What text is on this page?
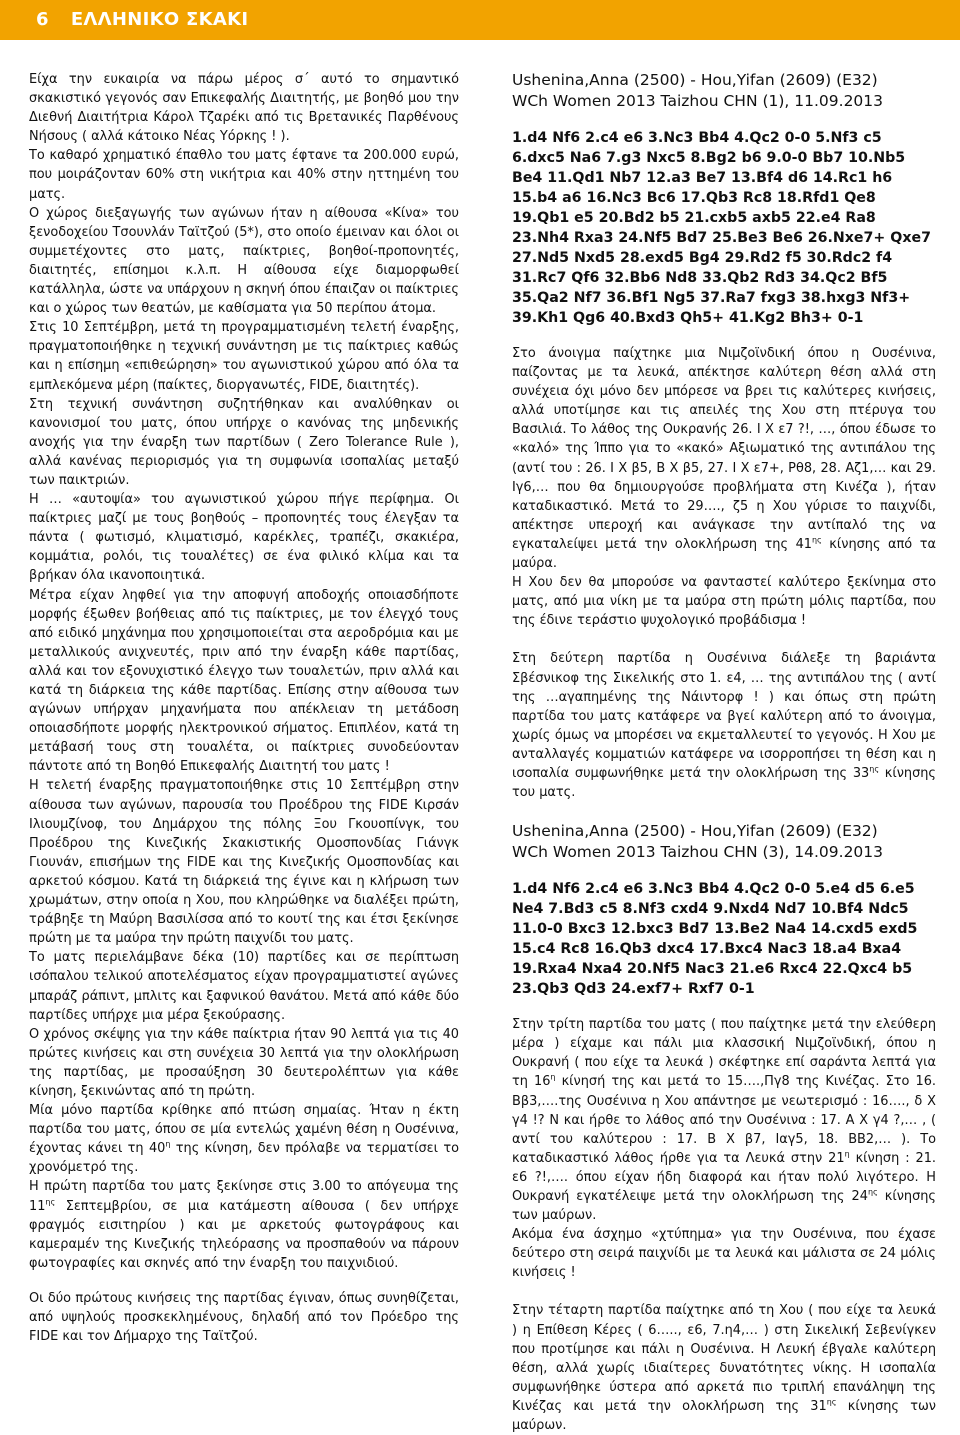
6 ΕΛΛΗΝΙΚΟ ΣΚΑΚΙ

Είχα την ευκαιρία να πάρω μέρος σ΄ αυτό το σημαντικό σκακιστικό γεγονός σαν Επικεφαλής Διαιτητής, με βοηθό μου την Διεθνή Διαιτήτρια Κάρολ Τζαρέκι από τις Βρετανικές Παρθένους Νήσους ( αλλά κάτοικο Νέας Υόρκης ! ).

Το καθαρό χρηματικό έπαθλο του ματς έφτανε τα 200.000 ευρώ, που μοιράζονταν 60% στη νικήτρια και 40% στην ηττημένη του ματς.

Ο χώρος διεξαγωγής των αγώνων ήταν η αίθουσα «Κίνα» του ξενοδοχείου Τσουνλάν Ταϊτζού (5*), στο οποίο έμειναν και όλοι οι συμμετέχοντες στο ματς, παίκτριες, βοηθοί-προπονητές, διαιτητές, επίσημοι κ.λ.π. Η αίθουσα είχε διαμορφωθεί κατάλληλα, ώστε να υπάρχουν η σκηνή όπου έπαιζαν οι παίκτριες και ο χώρος των θεατών, με καθίσματα για 50 περίπου άτομα.

Στις 10 Σεπτέμβρη, μετά τη προγραμματισμένη τελετή έναρξης, πραγματοποιήθηκε η τεχνική συνάντηση με τις παίκτριες καθώς και η επίσημη «επιθεώρηση» του αγωνιστικού χώρου από όλα τα εμπλεκόμενα μέρη (παίκτες, διοργανωτές, FIDE, διαιτητές).

Στη τεχνική συνάντηση συζητήθηκαν και αναλύθηκαν οι κανονισμοί του ματς, όπου υπήρχε ο κανόνας της μηδενικής ανοχής για την έναρξη των παρτίδων ( Zero Tolerance Rule ), αλλά κανένας περιορισμός για τη συμφωνία ισοπαλίας μεταξύ των παικτριών.

Η … «αυτοψία» του αγωνιστικού χώρου πήγε περίφημα. Οι παίκτριες μαζί με τους βοηθούς – προπονητές τους έλεγξαν τα πάντα ( φωτισμό, κλιματισμό, καρέκλες, τραπέζι, σκακιέρα, κομμάτια, ρολόι, τις τουαλέτες) σε ένα φιλικό κλίμα και τα βρήκαν όλα ικανοποιητικά.

Μέτρα είχαν ληφθεί για την αποφυγή αποδοχής οποιασδήποτε μορφής έξωθεν βοήθειας από τις παίκτριες, με τον έλεγχό τους από ειδικό μηχάνημα που χρησιμοποιείται στα αεροδρόμια και με μεταλλικούς ανιχνευτές, πριν από την έναρξη κάθε παρτίδας, αλλά και τον εξονυχιστικό έλεγχο των τουαλετών, πριν αλλά και κατά τη διάρκεια της κάθε παρτίδας. Επίσης στην αίθουσα των αγώνων υπήρχαν μηχανήματα που απέκλειαν τη μετάδοση οποιασδήποτε μορφής ηλεκτρονικού σήματος. Επιπλέον, κατά τη μετάβασή τους στη τουαλέτα, οι παίκτριες συνοδεύονταν πάντοτε από τη Βοηθό Επικεφαλής Διαιτητή του ματς !

Η τελετή έναρξης πραγματοποιήθηκε στις 10 Σεπτέμβρη στην αίθουσα των αγώνων, παρουσία του Προέδρου της FIDE Κιρσάν Ιλιουμζίνοφ, του Δημάρχου της πόλης Ξου Γκουοπίνγκ, του Προέδρου της Κινεζικής Σκακιστικής Ομοσπονδίας Γιάνγκ Γιουνάν, επισήμων της FIDE και της Κινεζικής Ομοσπονδίας και αρκετού κόσμου. Κατά τη διάρκειά της έγινε και η κλήρωση των χρωμάτων, στην οποία η Χου, που κληρώθηκε να διαλέξει πρώτη, τράβηξε τη Μαύρη Βασιλίσσα από το κουτί της και έτσι ξεκίνησε πρώτη με τα μαύρα την πρώτη παιχνίδι του ματς.

Το ματς περιελάμβανε δέκα (10) παρτίδες και σε περίπτωση ισόπαλου τελικού αποτελέσματος είχαν προγραμματιστεί αγώνες μπαράζ ράπιντ, μπλιτς και ξαφνικού θανάτου. Μετά από κάθε δύο παρτίδες υπήρχε μια μέρα ξεκούρασης.

Ο χρόνος σκέψης για την κάθε παίκτρια ήταν 90 λεπτά για τις 40 πρώτες κινήσεις και στη συνέχεια 30 λεπτά για την ολοκλήρωση της παρτίδας, με προσαύξηση 30 δευτερολέπτων για κάθε κίνηση, ξεκινώντας από τη πρώτη.

Μία μόνο παρτίδα κρίθηκε από πτώση σημαίας. Ήταν η έκτη παρτίδα του ματς, όπου σε μία εντελώς χαμένη θέση η Ουσένινα, έχοντας κάνει τη $40^\eta$ της κίνηση, δεν πρόλαβε να τερματίσει το χρονόμετρό της.

Η πρώτη παρτίδα του ματς ξεκίνησε στις 3.00 το απόγευμα της $11^{\eta\varsigma}$ Σεπτεμβρίου, σε μια κατάμεστη αίθουσα ( δεν υπήρχε φραγμός εισιτηρίου ) και με αρκετούς φωτογράφους και καμεραμέν της Κινεζικής τηλεόρασης να προσπαθούν να πάρουν φωτογραφίες και σκηνές από την έναρξη του παιχνιδιού.

Οι δύο πρώτους κινήσεις της παρτίδας έγιναν, όπως συνηθίζεται, από υψηλούς προσκεκλημένους, δηλαδή από τον Πρόεδρο της FIDE και τον Δήμαρχο της Ταϊτζού.

Ushenina,Anna (2500) - Hou,Yifan (2609) (E32)

WCh Women 2013 Taizhou CHN (1), 11.09.2013

1.d4 Nf6 2.c4 e6 3.Nc3 Bb4 4.Qc2 0-0 5.Nf3 c5 6.dxc5 Na6 7.g3 Nxc5 8.Bg2 b6 9.0-0 Bb7 10.Nb5 Be4 11.Qd1 Nb7 12.a3 Be7 13.Bf4 d6 14.Rc1 h6 15.b4 a6 16.Nc3 Bc6 17.Qb3 Rc8 18.Rfd1 Qe8 19.Qb1 e5 20.Bd2 b5 21.cxb5 axb5 22.e4 Ra8 23.Nh4 Rxa3 24.Nf5 Bd7 25.Be3 Be6 26.Nxe7+ Qxe7 27.Nd5 Nxd5 28.exd5 Bg4 29.Rd2 f5 30.Rdc2 f4 31.Rc7 Qf6 32.Bb6 Nd8 33.Qb2 Rd3 34.Qc2 Bf5 35.Qa2 Nf7 36.Bf1 Ng5 37.Ra7 fxg3 38.hxg3 Nf3+ 39.Kh1 Qg6 40.Bxd3 Qh5+ 41.Kg2 Bh3+ 0-1

Στο άνοιγμα παίχτηκε μια Νιμζοϊνδική όπου η Ουσένινα, παίζοντας με τα λευκά, απέκτησε καλύτερη θέση αλλά στη συνέχεια όχι μόνο δεν μπόρεσε να βρει τις καλύτερες κινήσεις, αλλά υποτίμησε και τις απειλές της Χου στη πτέρυγα του Βασιλιά. Το λάθος της Ουκρανής 26. Ι Χ ε7 ?!, …, όπου έδωσε το «καλό» της Ίππο για το «κακό» Αξιωματικό της αντιπάλου της (αντί του : 26. Ι Χ β5, Β Χ β5, 27. Ι Χ ε7+, Ρθ8, 28. Αζ1,… και 29. Ιγ6,… που θα δημιουργούσε προβλήματα στη Κινέζα ), ήταν καταδικαστικό. Μετά το 29…., ζ5 η Χου γύρισε το παιχνίδι, απέκτησε υπεροχή και ανάγκασε την αντίπαλό της να εγκαταλείψει μετά την ολοκλήρωση της $41^{\eta\varsigma}$ κίνησης από τα μαύρα.

Η Χου δεν θα μπορούσε να φανταστεί καλύτερο ξεκίνημα στο ματς, από μια νίκη με τα μαύρα στη πρώτη μόλις παρτίδα, που της έδινε τεράστιο ψυχολογικό προβάδισμα !

Στη δεύτερη παρτίδα η Ουσένινα διάλεξε τη βαριάντα Σβέσνικοφ της Σικελικής στο 1. ε4, … της αντιπάλου της ( αντί της …αγαπημένης της Νάιντορφ ! ) και όπως στη πρώτη παρτίδα του ματς κατάφερε να βγεί καλύτερη από το άνοιγμα, χωρίς όμως να μπορέσει να εκμεταλλευτεί το γεγονός. Η Χου με ανταλλαγές κομματιών κατάφερε να ισορροπήσει τη θέση και η ισοπαλία συμφωνήθηκε μετά την ολοκλήρωση της $33^{\eta\varsigma}$ κίνησης του ματς.

Ushenina,Anna (2500) - Hou,Yifan (2609) (E32)

WCh Women 2013 Taizhou CHN (3), 14.09.2013

1.d4 Nf6 2.c4 e6 3.Nc3 Bb4 4.Qc2 0-0 5.e4 d5 6.e5 Ne4 7.Bd3 c5 8.Nf3 cxd4 9.Nxd4 Nd7 10.Bf4 Ndc5 11.0-0 Bxc3 12.bxc3 Bd7 13.Be2 Na4 14.cxd5 exd5 15.c4 Rc8 16.Qb3 dxc4 17.Bxc4 Nac3 18.a4 Bxa4 19.Rxa4 Nxa4 20.Nf5 Nac3 21.e6 Rxc4 22.Qxc4 b5 23.Qb3 Qd3 24.exf7+ Rxf7 0-1

Στην τρίτη παρτίδα του ματς ( που παίχτηκε μετά την ελεύθερη μέρα ) είχαμε και πάλι μια κλασσική Νιμζοϊνδική, όπου η Ουκρανή ( που είχε τα λευκά ) σκέφτηκε επί σαράντα λεπτά για τη $16^\eta$ κίνησή της και μετά το 15….,Πγ8 της Κινέζας. Στο 16. Ββ3,….της Ουσένινα η Χου απάντησε με νεωτερισμό : 16…., δ Χ γ4 !? Ν και ήρθε το λάθος από την Ουσένινα : 17. Α Χ γ4 ?,… , ( αντί του καλύτερου : 17. Β Χ β7, Ιαγ5, 18. ΒΒ2,… ). Το καταδικαστικό λάθος ήρθε για τα Λευκά στην $21^\eta$ κίνηση : 21. ε6 ?!,…. όπου είχαν ήδη διαφορά και ήταν πολύ λιγότερο. Η Ουκρανή εγκατέλειψε μετά την ολοκλήρωση της $24^{\eta\varsigma}$ κίνησης των μαύρων.

Ακόμα ένα άσχημο «χτύπημα» για την Ουσένινα, που έχασε δεύτερο στη σειρά παιχνίδι με τα λευκά και μάλιστα σε 24 μόλις κινήσεις !

Στην τέταρτη παρτίδα παίχτηκε από τη Χου ( που είχε τα λευκά ) η Επίθεση Κέρες ( 6….., ε6, 7.η4,… ) στη Σικελική Σεβενίγκεν που προτίμησε και πάλι η Ουσένινα. Η Λευκή έβγαλε καλύτερη θέση, αλλά χωρίς ιδιαίτερες δυνατότητες νίκης. Η ισοπαλία συμφωνήθηκε ύστερα από αρκετά πιο τριπλή επανάληψη της Κινέζας και μετά την ολοκλήρωση της $31^{\eta\varsigma}$ κίνησης των μαύρων.
